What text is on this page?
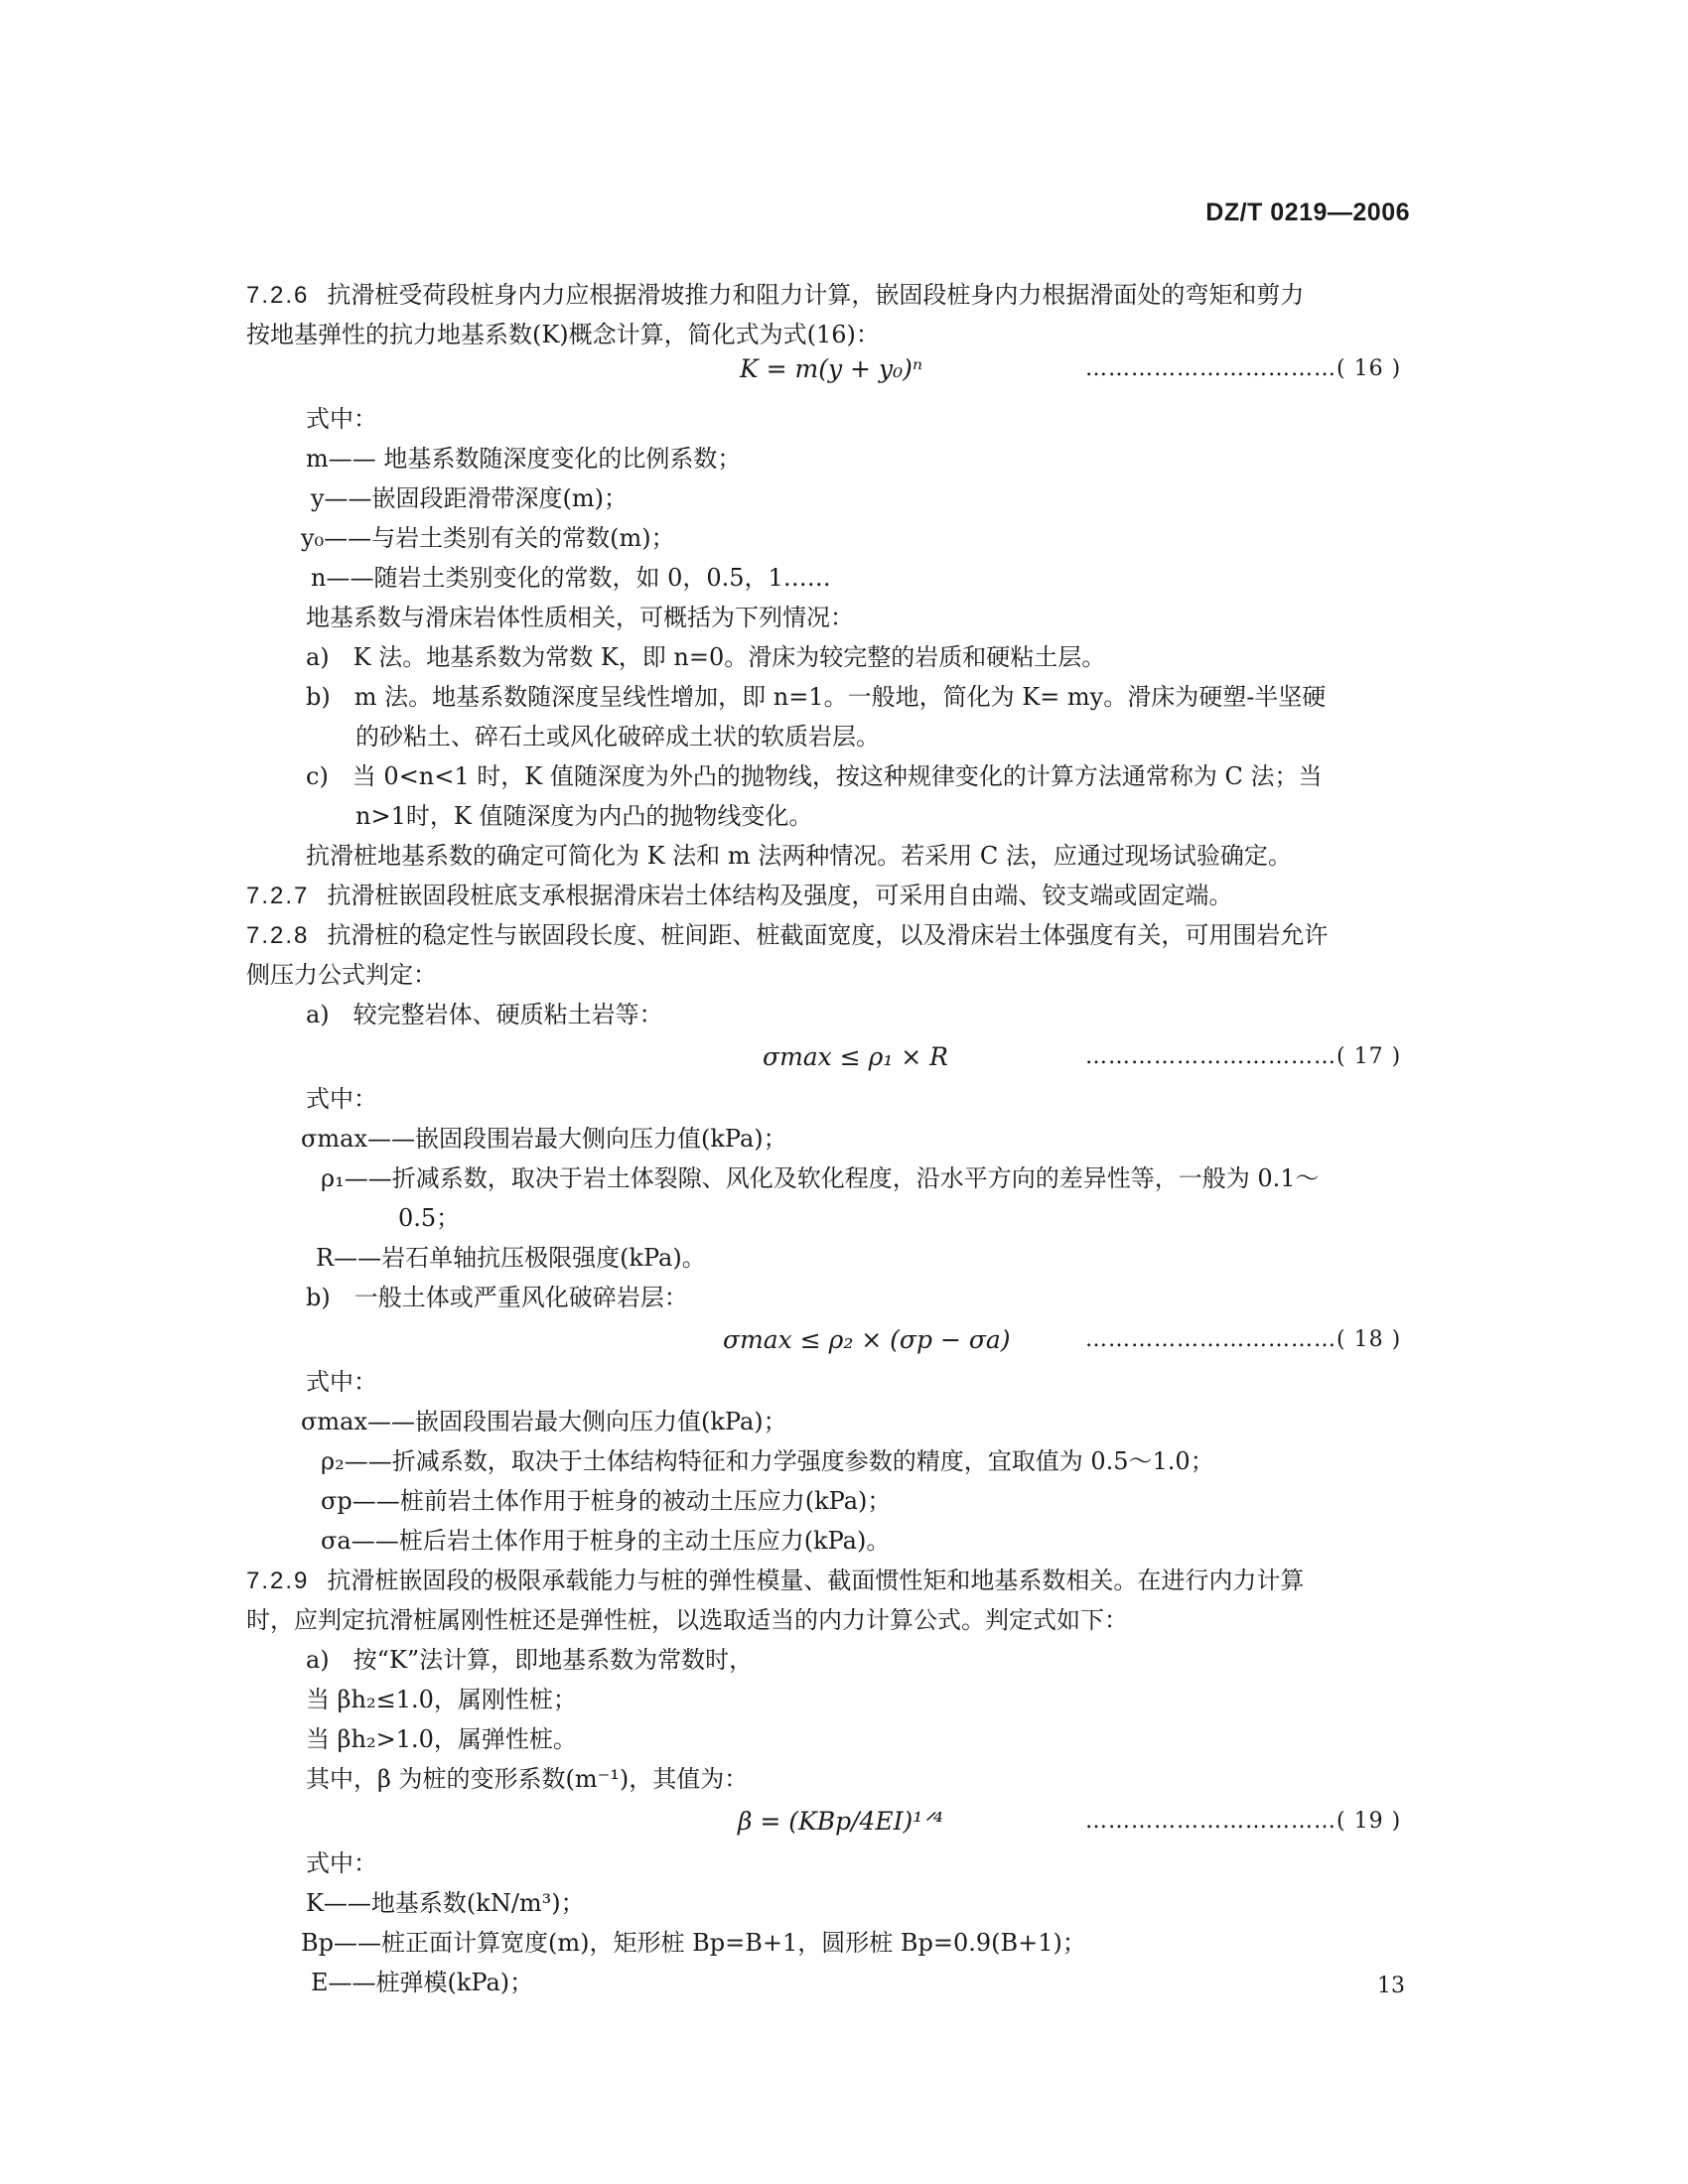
DZ/T 0219—2006
7.2.6 抗滑桩受荷段桩身内力应根据滑坡推力和阻力计算，嵌固段桩身内力根据滑面处的弯矩和剪力
按地基弹性的抗力地基系数(K)概念计算，简化式为式(16)：
式中：
m—— 地基系数随深度变化的比例系数；
y——嵌固段距滑带深度(m)；
y₀——与岩土类别有关的常数(m)；
n——随岩土类别变化的常数，如 0，0.5，1……
地基系数与滑床岩体性质相关，可概括为下列情况：
a)　K 法。地基系数为常数 K，即 n=0。滑床为较完整的岩质和硬粘土层。
b)　m 法。地基系数随深度呈线性增加，即 n=1。一般地，简化为 K= my。滑床为硬塑-半坚硬
的砂粘土、碎石土或风化破碎成土状的软质岩层。
c)　当 0<n<1 时，K 值随深度为外凸的抛物线，按这种规律变化的计算方法通常称为 C 法；当
n>1时，K 值随深度为内凸的抛物线变化。
抗滑桩地基系数的确定可简化为 K 法和 m 法两种情况。若采用 C 法，应通过现场试验确定。
7.2.7 抗滑桩嵌固段桩底支承根据滑床岩土体结构及强度，可采用自由端、铰支端或固定端。
7.2.8 抗滑桩的稳定性与嵌固段长度、桩间距、桩截面宽度，以及滑床岩土体强度有关，可用围岩允许
侧压力公式判定：
a)　较完整岩体、硬质粘土岩等：
式中：
σmax——嵌固段围岩最大侧向压力值(kPa)；
ρ₁——折减系数，取决于岩土体裂隙、风化及软化程度，沿水平方向的差异性等，一般为 0.1～
0.5；
R——岩石单轴抗压极限强度(kPa)。
b)　一般土体或严重风化破碎岩层：
式中：
σmax——嵌固段围岩最大侧向压力值(kPa)；
ρ₂——折减系数，取决于土体结构特征和力学强度参数的精度，宜取值为 0.5～1.0；
σp——桩前岩土体作用于桩身的被动土压应力(kPa)；
σa——桩后岩土体作用于桩身的主动土压应力(kPa)。
7.2.9 抗滑桩嵌固段的极限承载能力与桩的弹性模量、截面惯性矩和地基系数相关。在进行内力计算
时，应判定抗滑桩属刚性桩还是弹性桩，以选取适当的内力计算公式。判定式如下：
a)　按“K”法计算，即地基系数为常数时，
当 βh₂≤1.0，属刚性桩；
当 βh₂>1.0，属弹性桩。
其中，β 为桩的变形系数(m⁻¹)，其值为：
式中：
K——地基系数(kN/m³)；
Bp——桩正面计算宽度(m)，矩形桩 Bp=B+1，圆形桩 Bp=0.9(B+1)；
E——桩弹模(kPa)；
K = m(y + y₀)ⁿ	……………………………( 16 )
σmax ≤ ρ₁ × R	……………………………( 17 )
σmax ≤ ρ₂ × (σp − σa)	……………………………( 18 )
β = (KBp/4EI)¹ᐟ⁴	……………………………( 19 )
13
